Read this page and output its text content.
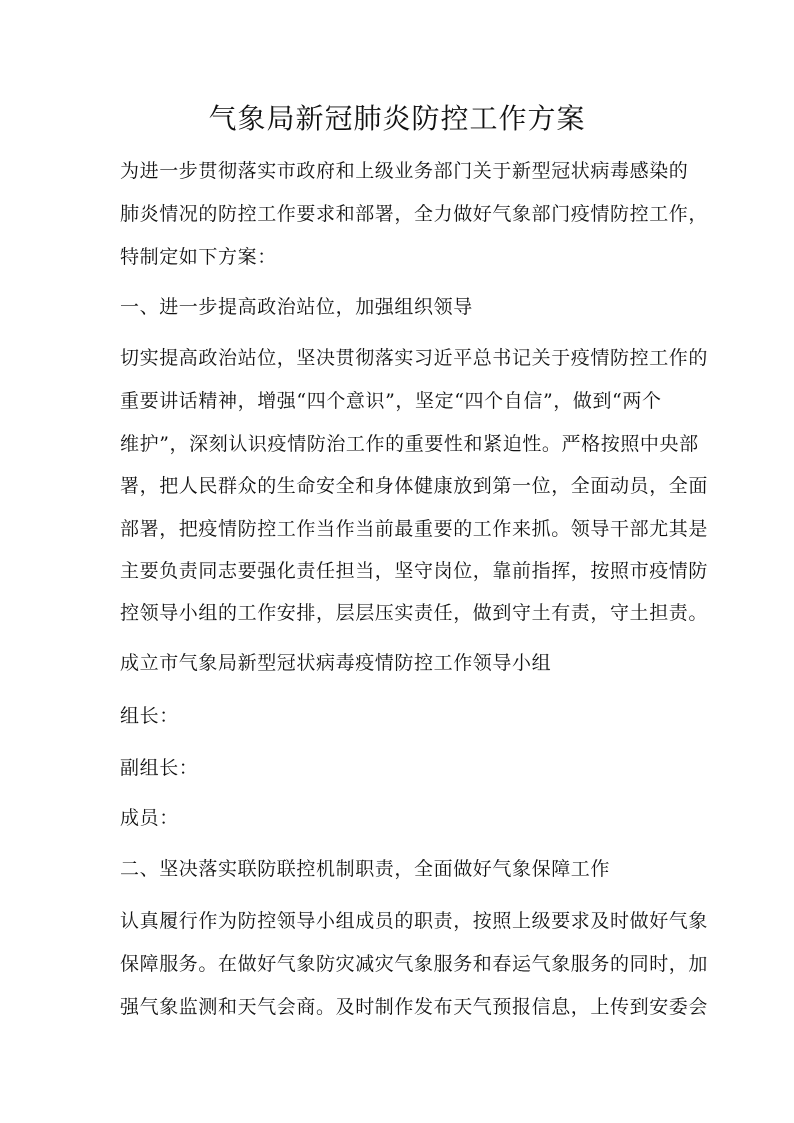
气象局新冠肺炎防控工作方案
为进一步贯彻落实市政府和上级业务部门关于新型冠状病毒感染的
肺炎情况的防控工作要求和部署，全力做好气象部门疫情防控工作，
特制定如下方案：
一、进一步提高政治站位，加强组织领导
切实提高政治站位，坚决贯彻落实习近平总书记关于疫情防控工作的
重要讲话精神，增强“四个意识”，坚定“四个自信”，做到“两个
维护”，深刻认识疫情防治工作的重要性和紧迫性。严格按照中央部
署，把人民群众的生命安全和身体健康放到第一位，全面动员，全面
部署，把疫情防控工作当作当前最重要的工作来抓。领导干部尤其是
主要负责同志要强化责任担当，坚守岗位，靠前指挥，按照市疫情防
控领导小组的工作安排，层层压实责任，做到守土有责，守土担责。
成立市气象局新型冠状病毒疫情防控工作领导小组
组长：
副组长：
成员：
二、坚决落实联防联控机制职责，全面做好气象保障工作
认真履行作为防控领导小组成员的职责，按照上级要求及时做好气象
保障服务。在做好气象防灾减灾气象服务和春运气象服务的同时，加
强气象监测和天气会商。及时制作发布天气预报信息，上传到安委会
